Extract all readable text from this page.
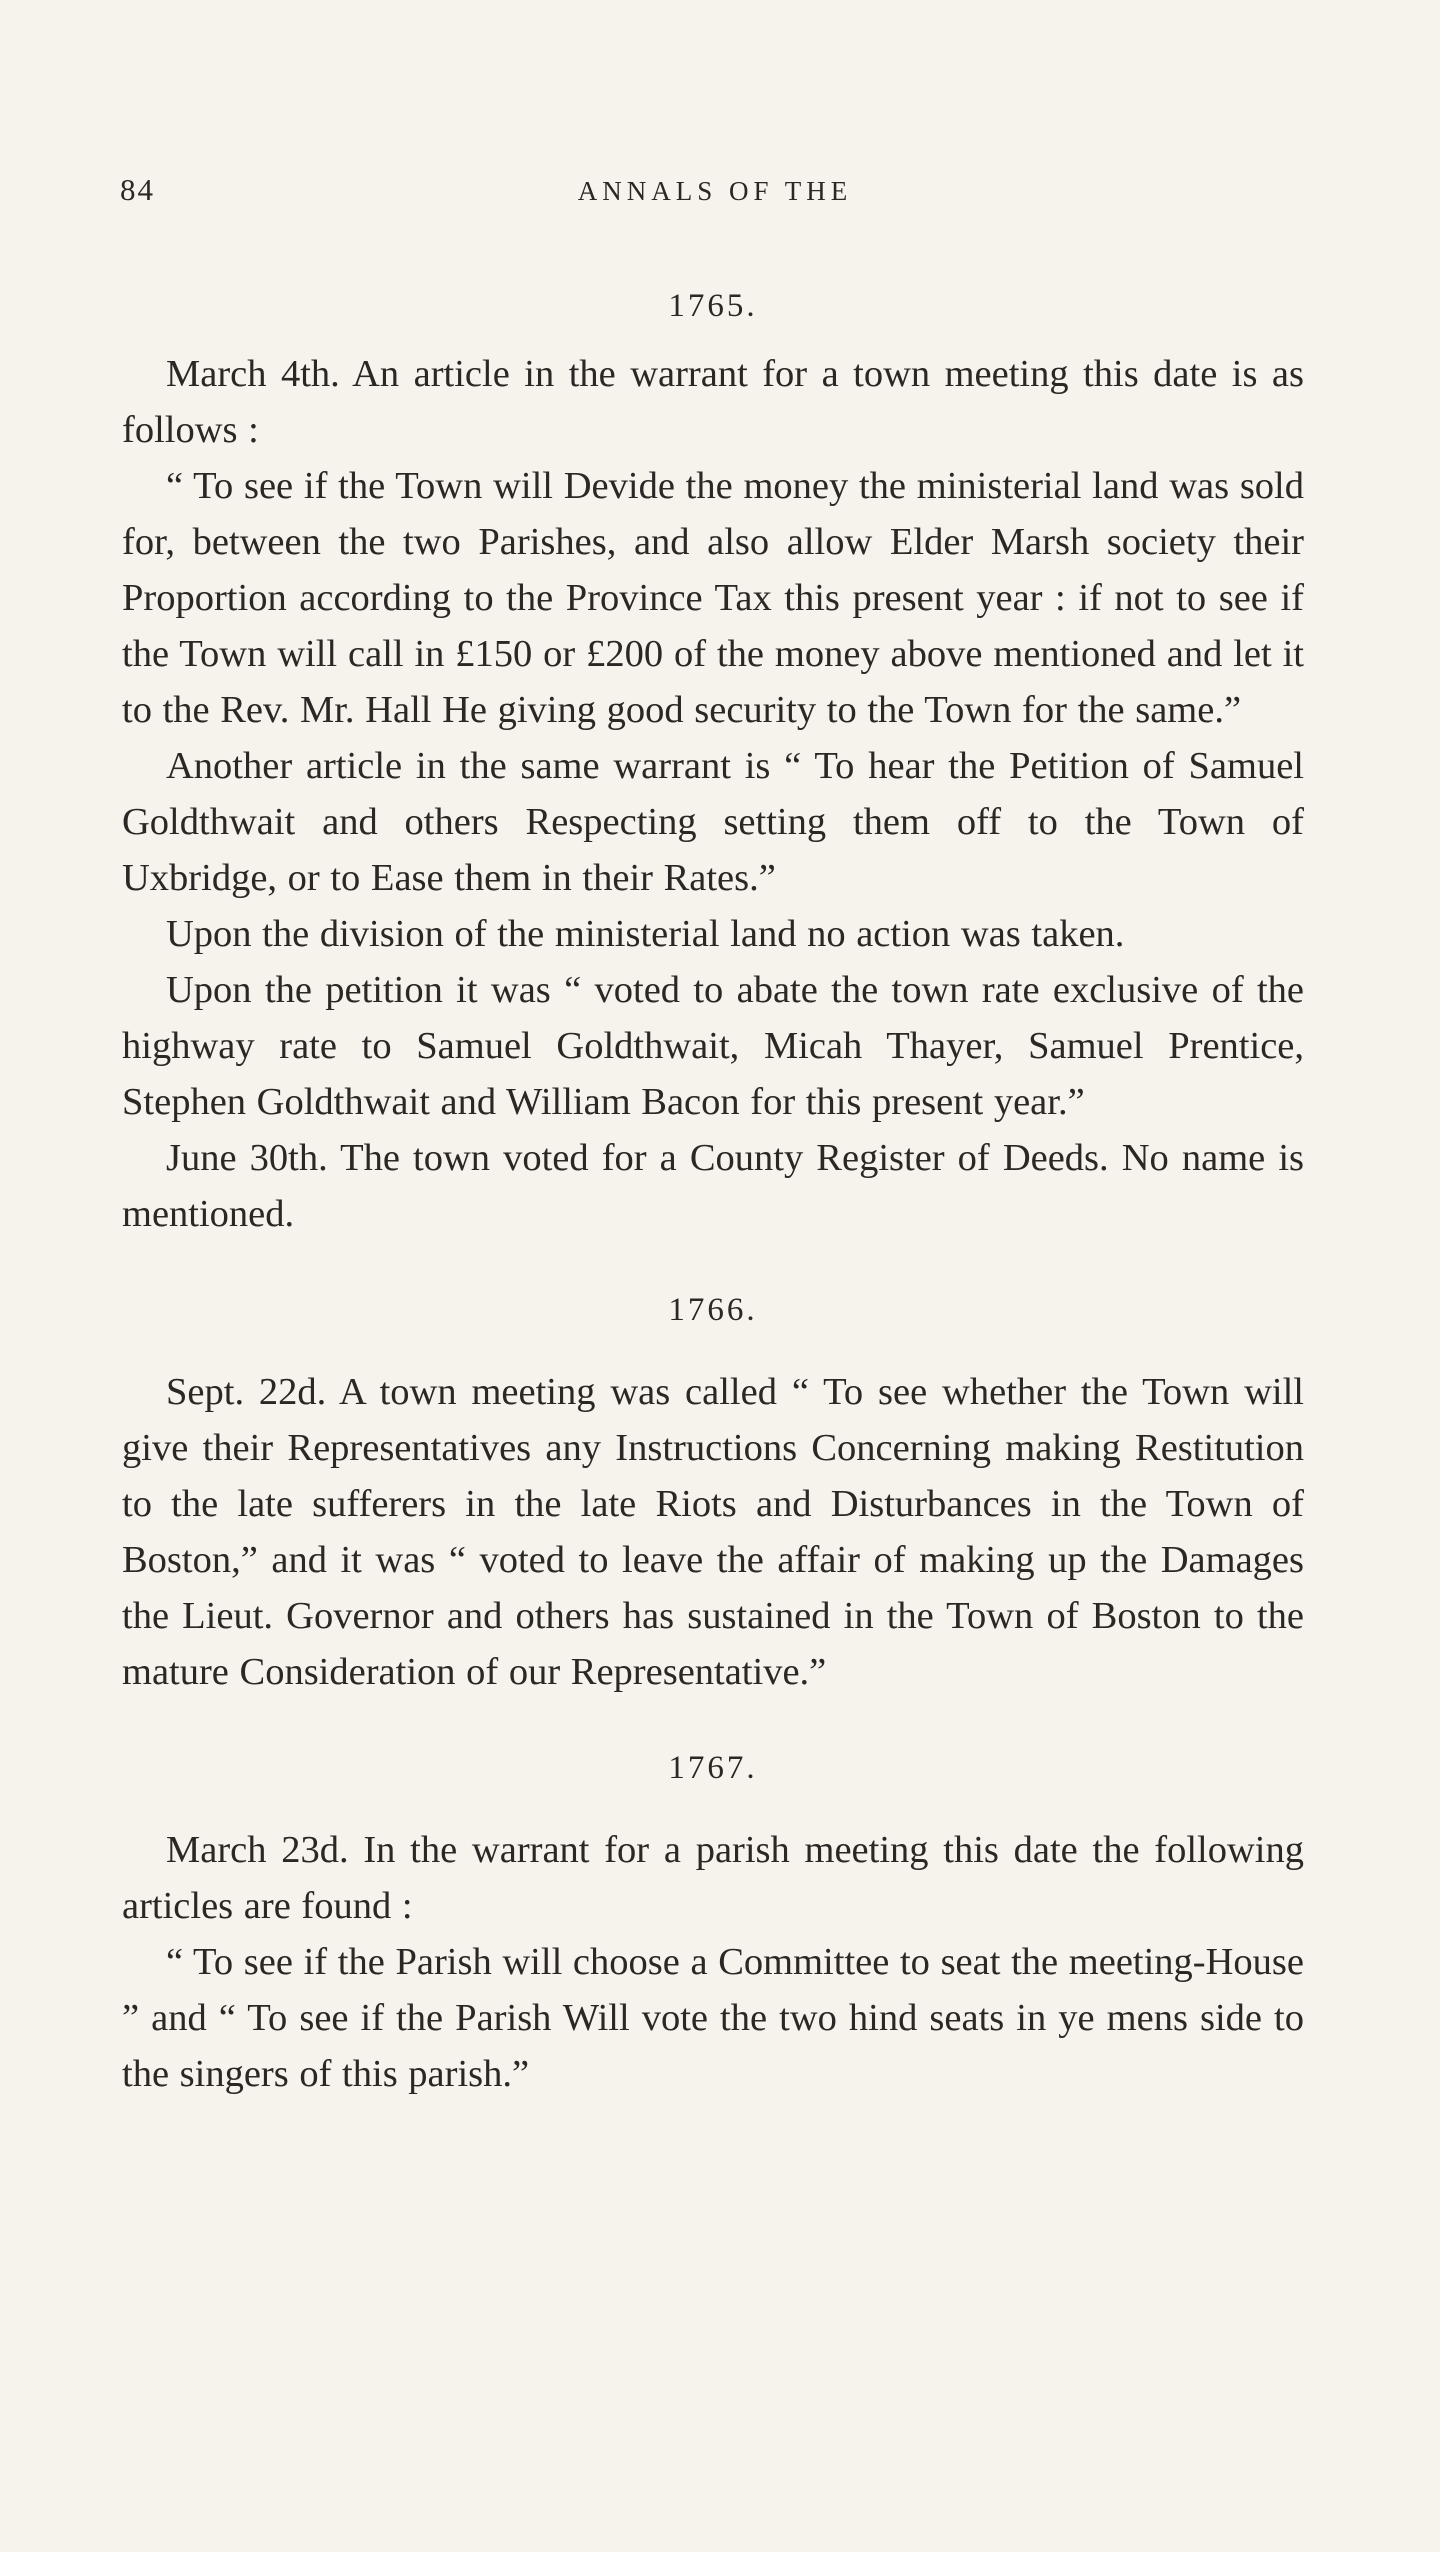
84	ANNALS OF THE
1765.

March 4th. An article in the warrant for a town meeting this date is as follows :

“ To see if the Town will Devide the money the ministerial land was sold for, between the two Parishes, and also allow Elder Marsh society their Proportion according to the Province Tax this present year : if not to see if the Town will call in £150 or £200 of the money above mentioned and let it to the Rev. Mr. Hall He giving good security to the Town for the same.”

Another article in the same warrant is “ To hear the Petition of Samuel Goldthwait and others Respecting setting them off to the Town of Uxbridge, or to Ease them in their Rates.”

Upon the division of the ministerial land no action was taken.

Upon the petition it was “ voted to abate the town rate exclusive of the highway rate to Samuel Goldthwait, Micah Thayer, Samuel Prentice, Stephen Goldthwait and William Bacon for this present year.”

June 30th. The town voted for a County Register of Deeds. No name is mentioned.

1766.

Sept. 22d. A town meeting was called “ To see whether the Town will give their Representatives any Instructions Concerning making Restitution to the late sufferers in the late Riots and Disturbances in the Town of Boston,” and it was “ voted to leave the affair of making up the Damages the Lieut. Governor and others has sustained in the Town of Boston to the mature Consideration of our Representative.”

1767.

March 23d. In the warrant for a parish meeting this date the following articles are found :

“ To see if the Parish will choose a Committee to seat the meeting-House ” and “ To see if the Parish Will vote the two hind seats in ye mens side to the singers of this parish.”
